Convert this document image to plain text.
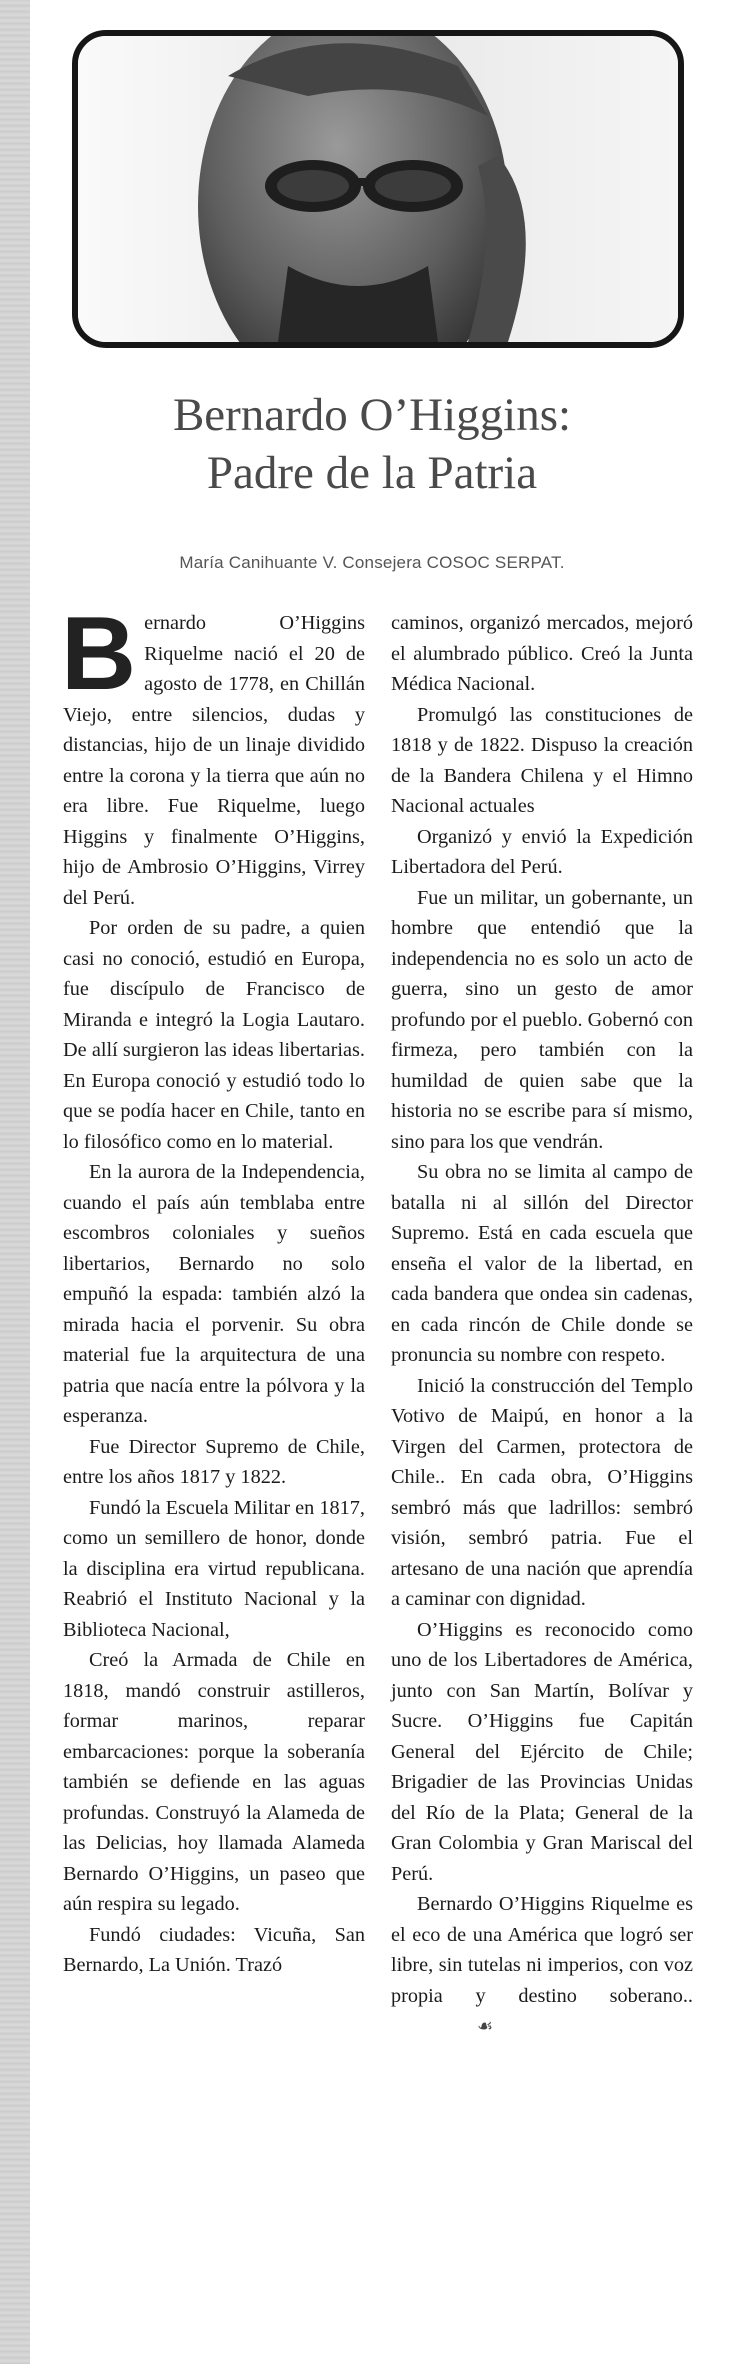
Bernardo O’Higgins:
Padre de la Patria
María Canihuante V. Consejera COSOC SERPAT.

Bernardo O’Higgins Riquelme nació el 20 de agosto de 1778, en Chillán Viejo, entre silencios, dudas y distancias, hijo de un linaje dividido entre la corona y la tierra que aún no era libre. Fue Riquelme, luego Higgins y finalmente O’Higgins, hijo de Ambrosio O’Higgins, Virrey del Perú.

Por orden de su padre, a quien casi no conoció, estudió en Europa, fue discípulo de Francisco de Miranda e integró la Logia Lautaro. De allí surgieron las ideas libertarias. En Europa conoció y estudió todo lo que se podía hacer en Chile, tanto en lo filosófico como en lo material.

En la aurora de la Independencia, cuando el país aún temblaba entre escombros coloniales y sueños libertarios, Bernardo no solo empuñó la espada: también alzó la mirada hacia el porvenir. Su obra material fue la arquitectura de una patria que nacía entre la pólvora y la esperanza.

Fue Director Supremo de Chile, entre los años 1817 y 1822.

Fundó la Escuela Militar en 1817, como un semillero de honor, donde la disciplina era virtud republicana. Reabrió el Instituto Nacional y la Biblioteca Nacional,

Creó la Armada de Chile en 1818, mandó construir astilleros, formar marinos, reparar embarcaciones: porque la soberanía también se defiende en las aguas profundas. Construyó la Alameda de las Delicias, hoy llamada Alameda Bernardo O’Higgins, un paseo que aún respira su legado.

Fundó ciudades: Vicuña, San Bernardo, La Unión. Trazó

caminos, organizó mercados, mejoró el alumbrado público. Creó la Junta Médica Nacional.

Promulgó las constituciones de 1818 y de 1822. Dispuso la creación de la Bandera Chilena y el Himno Nacional actuales

Organizó y envió la Expedición Libertadora del Perú.

Fue un militar, un gobernante, un hombre que entendió que la independencia no es solo un acto de guerra, sino un gesto de amor profundo por el pueblo. Gobernó con firmeza, pero también con la humildad de quien sabe que la historia no se escribe para sí mismo, sino para los que vendrán.

Su obra no se limita al campo de batalla ni al sillón del Director Supremo. Está en cada escuela que enseña el valor de la libertad, en cada bandera que ondea sin cadenas, en cada rincón de Chile donde se pronuncia su nombre con respeto.

Inició la construcción del Templo Votivo de Maipú, en honor a la Virgen del Carmen, protectora de Chile.. En cada obra, O’Higgins sembró más que ladrillos: sembró visión, sembró patria. Fue el artesano de una nación que aprendía a caminar con dignidad.

O’Higgins es reconocido como uno de los Libertadores de América, junto con San Martín, Bolívar y Sucre. O’Higgins fue Capitán General del Ejército de Chile; Brigadier de las Provincias Unidas del Río de la Plata; General de la Gran Colombia y Gran Mariscal del Perú.

Bernardo O’Higgins Riquelme es el eco de una América que logró ser libre, sin tutelas ni imperios, con voz propia y destino soberano..☙
